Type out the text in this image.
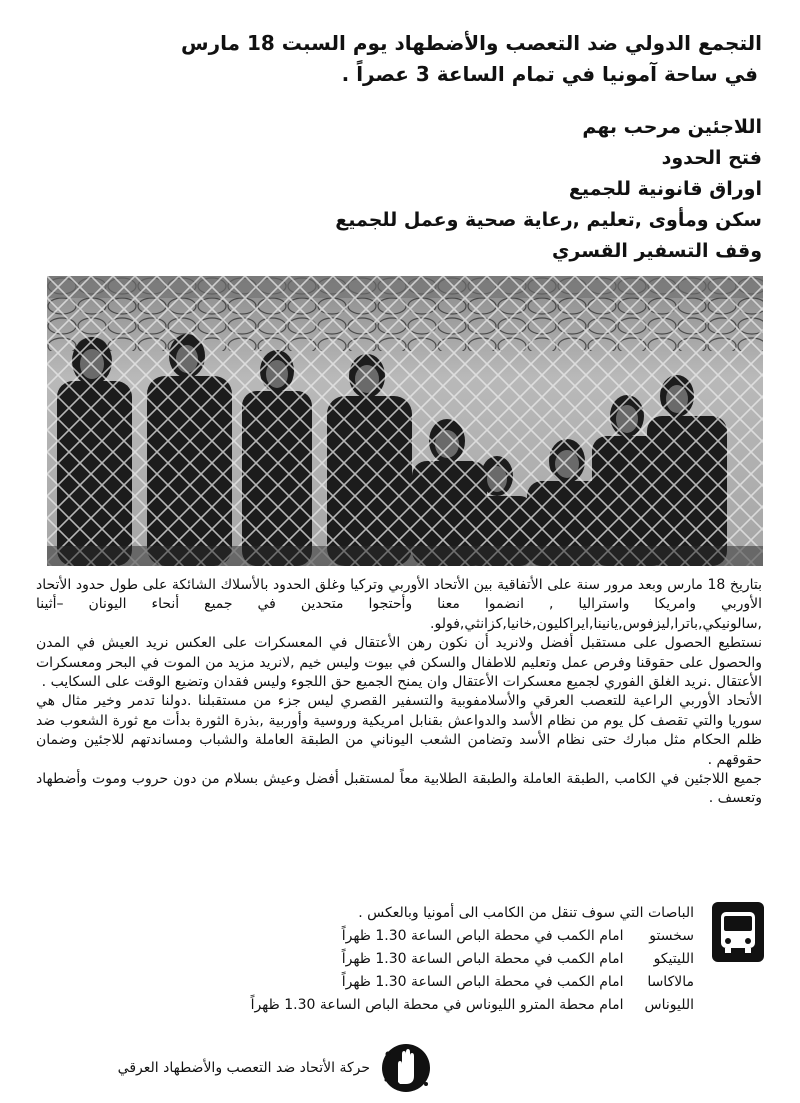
التجمع الدولي ضد التعصب والأضطهاد يوم السبت 18 مارس
في ساحة آمونيا في تمام الساعة 3 عصراً .
اللاجئين مرحب بهم
فتح الحدود
اوراق قانونية للجميع
سكن ومأوى ,تعليم ,رعاية صحية وعمل للجميع
وقف التسفير القسري

بتاريخ 18 مارس وبعد مرور سنة على الأتفاقية بين الأتحاد الأوربي وتركيا وغلق الحدود بالأسلاك الشائكة على طول حدود الأتحاد الأوربي وامريكا واستراليا , انضموا معنا وأحتجوا متحدين في جميع أنحاء اليونان –أثينا ,سالونيكي,باترا,ليزفوس,يانينا,ايراكليون,خانيا,كزانثي,فولو.

نستطيع الحصول على مستقبل أفضل ولانريد أن نكون رهن الأعتقال في المعسكرات على العكس نريد العيش في المدن والحصول على حقوقنا وفرص عمل وتعليم للاطفال والسكن في بيوت وليس خيم ,لانريد مزيد من الموت في البحر ومعسكرات الأعتقال .نريد الغلق الفوري لجميع معسكرات الأعتقال وان يمنح الجميع حق اللجوء وليس فقدان وتضيع الوقت على السكايب .

الأتحاد الأوربي الراعية للتعصب العرقي والأسلامفوبية والتسفير القصري ليس جزء من مستقبلنا .دولنا تدمر وخير مثال هي سوريا والتي تقصف كل يوم من نظام الأسد والدواعش بقنابل امريكية وروسية وأوربية ,بذرة الثورة بدأت مع ثورة الشعوب ضد ظلم الحكام مثل مبارك حتى نظام الأسد وتضامن الشعب اليوناني من الطبقة العاملة والشباب ومساندتهم للاجئين وضمان حقوقهم .

جميع اللاجئين في الكامب ,الطبقة العاملة والطبقة الطلابية معاً لمستقبل أفضل وعيش بسلام من دون حروب وموت وأضطهاد وتعسف .

الباصات التي سوف تنقل من الكامب الى أمونيا وبالعكس .
سخستو امام الكمب في محطة الباص الساعة 1.30 ظهراً
الليتيكو امام الكمب في محطة الباص الساعة 1.30 ظهراً
مالاكاسا امام الكمب في محطة الباص الساعة 1.30 ظهراً
الليوناس امام محطة المترو الليوناس في محطة الباص الساعة 1.30 ظهراً

حركة الأتحاد ضد التعصب والأضطهاد العرقي
